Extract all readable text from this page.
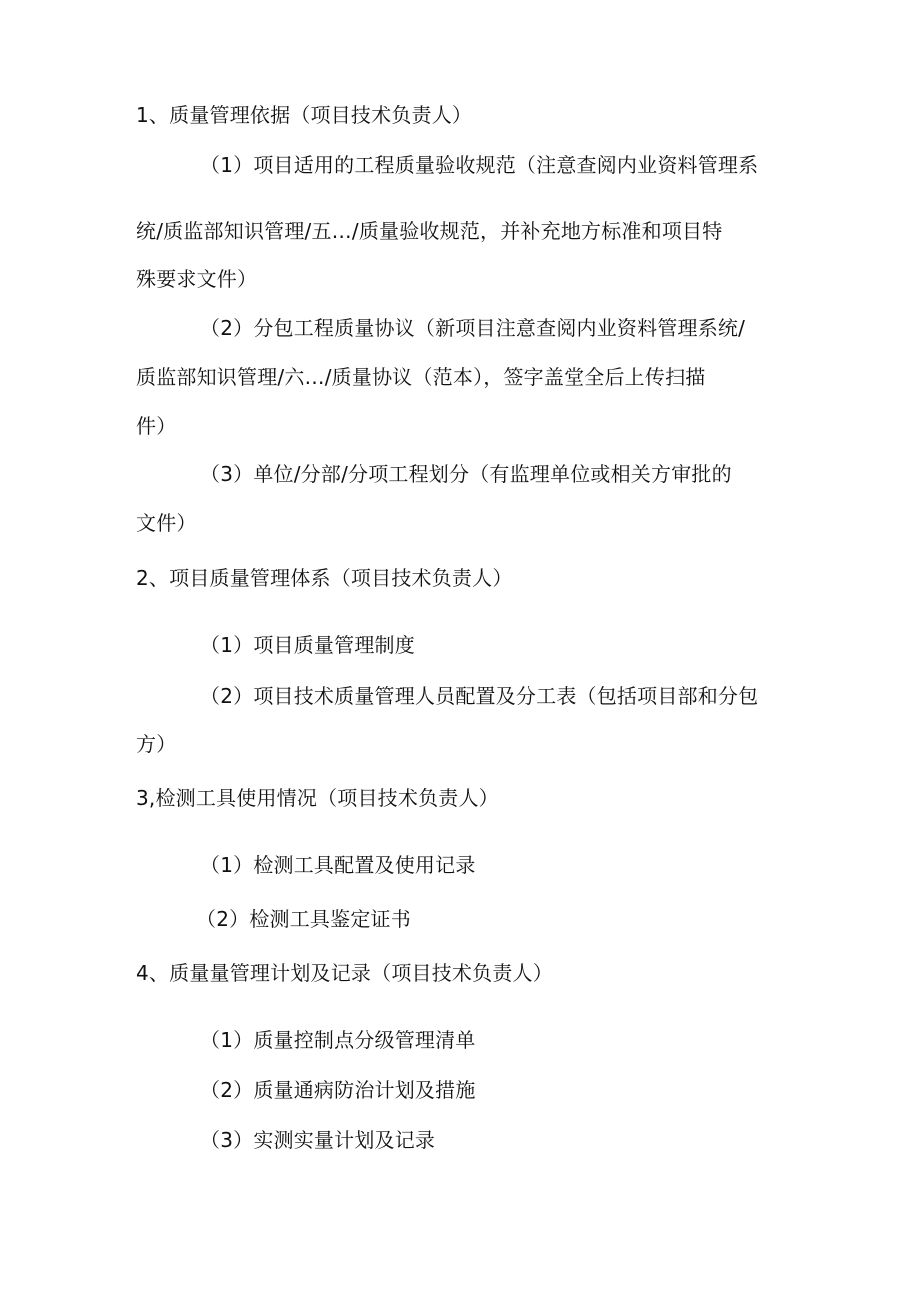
1、质量管理依据（项目技术负责人）
（1）项目适用的工程质量验收规范（注意查阅内业资料管理系
统/质监部知识管理/五…/质量验收规范，并补充地方标准和项目特
殊要求文件）
（2）分包工程质量协议（新项目注意查阅内业资料管理系统/
质监部知识管理/六…/质量协议（范本），签字盖堂全后上传扫描
件）
（3）单位/分部/分项工程划分（有监理单位或相关方审批的
文件）
2、项目质量管理体系（项目技术负责人）
（1）项目质量管理制度
（2）项目技术质量管理人员配置及分工表（包括项目部和分包
方）
3,检测工具使用情况（项目技术负责人）
（1）检测工具配置及使用记录
（2）检测工具鉴定证书
4、质量量管理计划及记录（项目技术负责人）
（1）质量控制点分级管理清单
（2）质量通病防治计划及措施
（3）实测实量计划及记录
